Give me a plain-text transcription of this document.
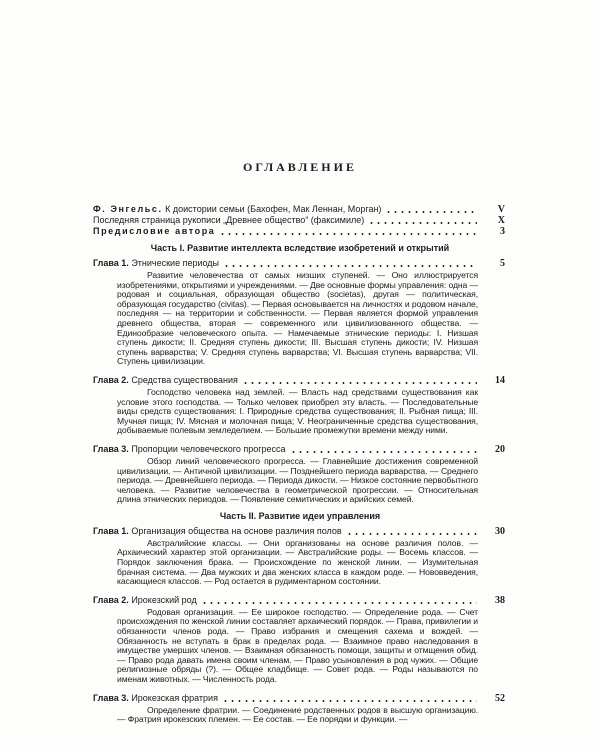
ОГЛАВЛЕНИЕ
Ф. Энгельс. К доистории семьи (Бахофен, Мак Леннан, Морган)	V
Последняя страница рукописи „Древнее общество“ (факсимиле)	X
Предисловие автора	3
Часть I. Развитие интеллекта вследствие изобретений и открытий
Глава 1. Этнические периоды	5
Развитие человечества от самых низших ступеней. — Оно иллюстрируется изобретениями, открытиями и учреждениями. — Две основные формы управления: одна — родовая и социальная, образующая общество (societas), другая — политическая, образующая государство (civitas). — Первая основывается на личностях и родовом начале, последняя — на территории и собственности. — Первая является формой управления древнего общества, вторая — современного или цивилизованного общества. — Единообразие человеческого опыта. — Намечаемые этнические периоды: I. Низшая ступень дикости; II. Средняя ступень дикости; III. Высшая ступень дикости; IV. Низшая ступень варварства; V. Средняя ступень варварства; VI. Высшая ступень варварства; VII. Ступень цивилизации.
Глава 2. Средства существования	14
Господство человека над землей. — Власть над средствами существования как условие этого господства. — Только человек приобрел эту власть. — Последовательные виды средств существования: I. Природные средства существования; II. Рыбная пища; III. Мучная пища; IV. Мясная и молочная пища; V. Неограниченные средства существования, добываемые полевым земледелием. — Большие промежутки времени между ними.
Глава 3. Пропорции человеческого прогресса	20
Обзор линий человеческого прогресса. — Главнейшие достижения современной цивилизации. — Античной цивилизации. — Позднейшего периода варварства. — Среднего периода. — Древнейшего периода. — Периода дикости. — Низкое состояние первобытного человека. — Развитие человечества в геометрической прогрессии. — Относительная длина этнических периодов. — Появление семитических и арийских семей.
Часть II. Развитие идеи управления
Глава 1. Организация общества на основе различия полов	30
Австралийские классы. — Они организованы на основе различия полов. — Архаический характер этой организации. — Австралийские роды. — Восемь классов. — Порядок заключения брака. — Происхождение по женской линии. — Изумительная брачная система. — Два мужских и два женских класса в каждом роде. — Нововведения, касающиеся классов. — Род остается в рудиментарном состоянии.
Глава 2. Ирокезский род	38
Родовая организация. — Ее широкое господство. — Определение рода. — Счет происхождения по женской линии составляет архаический порядок. — Права, привилегии и обязанности членов рода. — Право избрания и смещения сахема и вождей. — Обязанность не вступать в брак в пределах рода. — Взаимное право наследования в имуществе умерших членов. — Взаимная обязанность помощи, защиты и отмщения обид. — Право рода давать имена своим членам. — Право усыновления в род чужих. — Общие религиозные обряды (?). — Общее кладбище. — Совет рода. — Роды называются по именам животных. — Численность рода.
Глава 3. Ирокезская фратрия	52
Определение фратрии. — Соединение родственных родов в высшую организацию. — Фратрия ирокезских племен. — Ее состав. — Ее порядки и функции. —
